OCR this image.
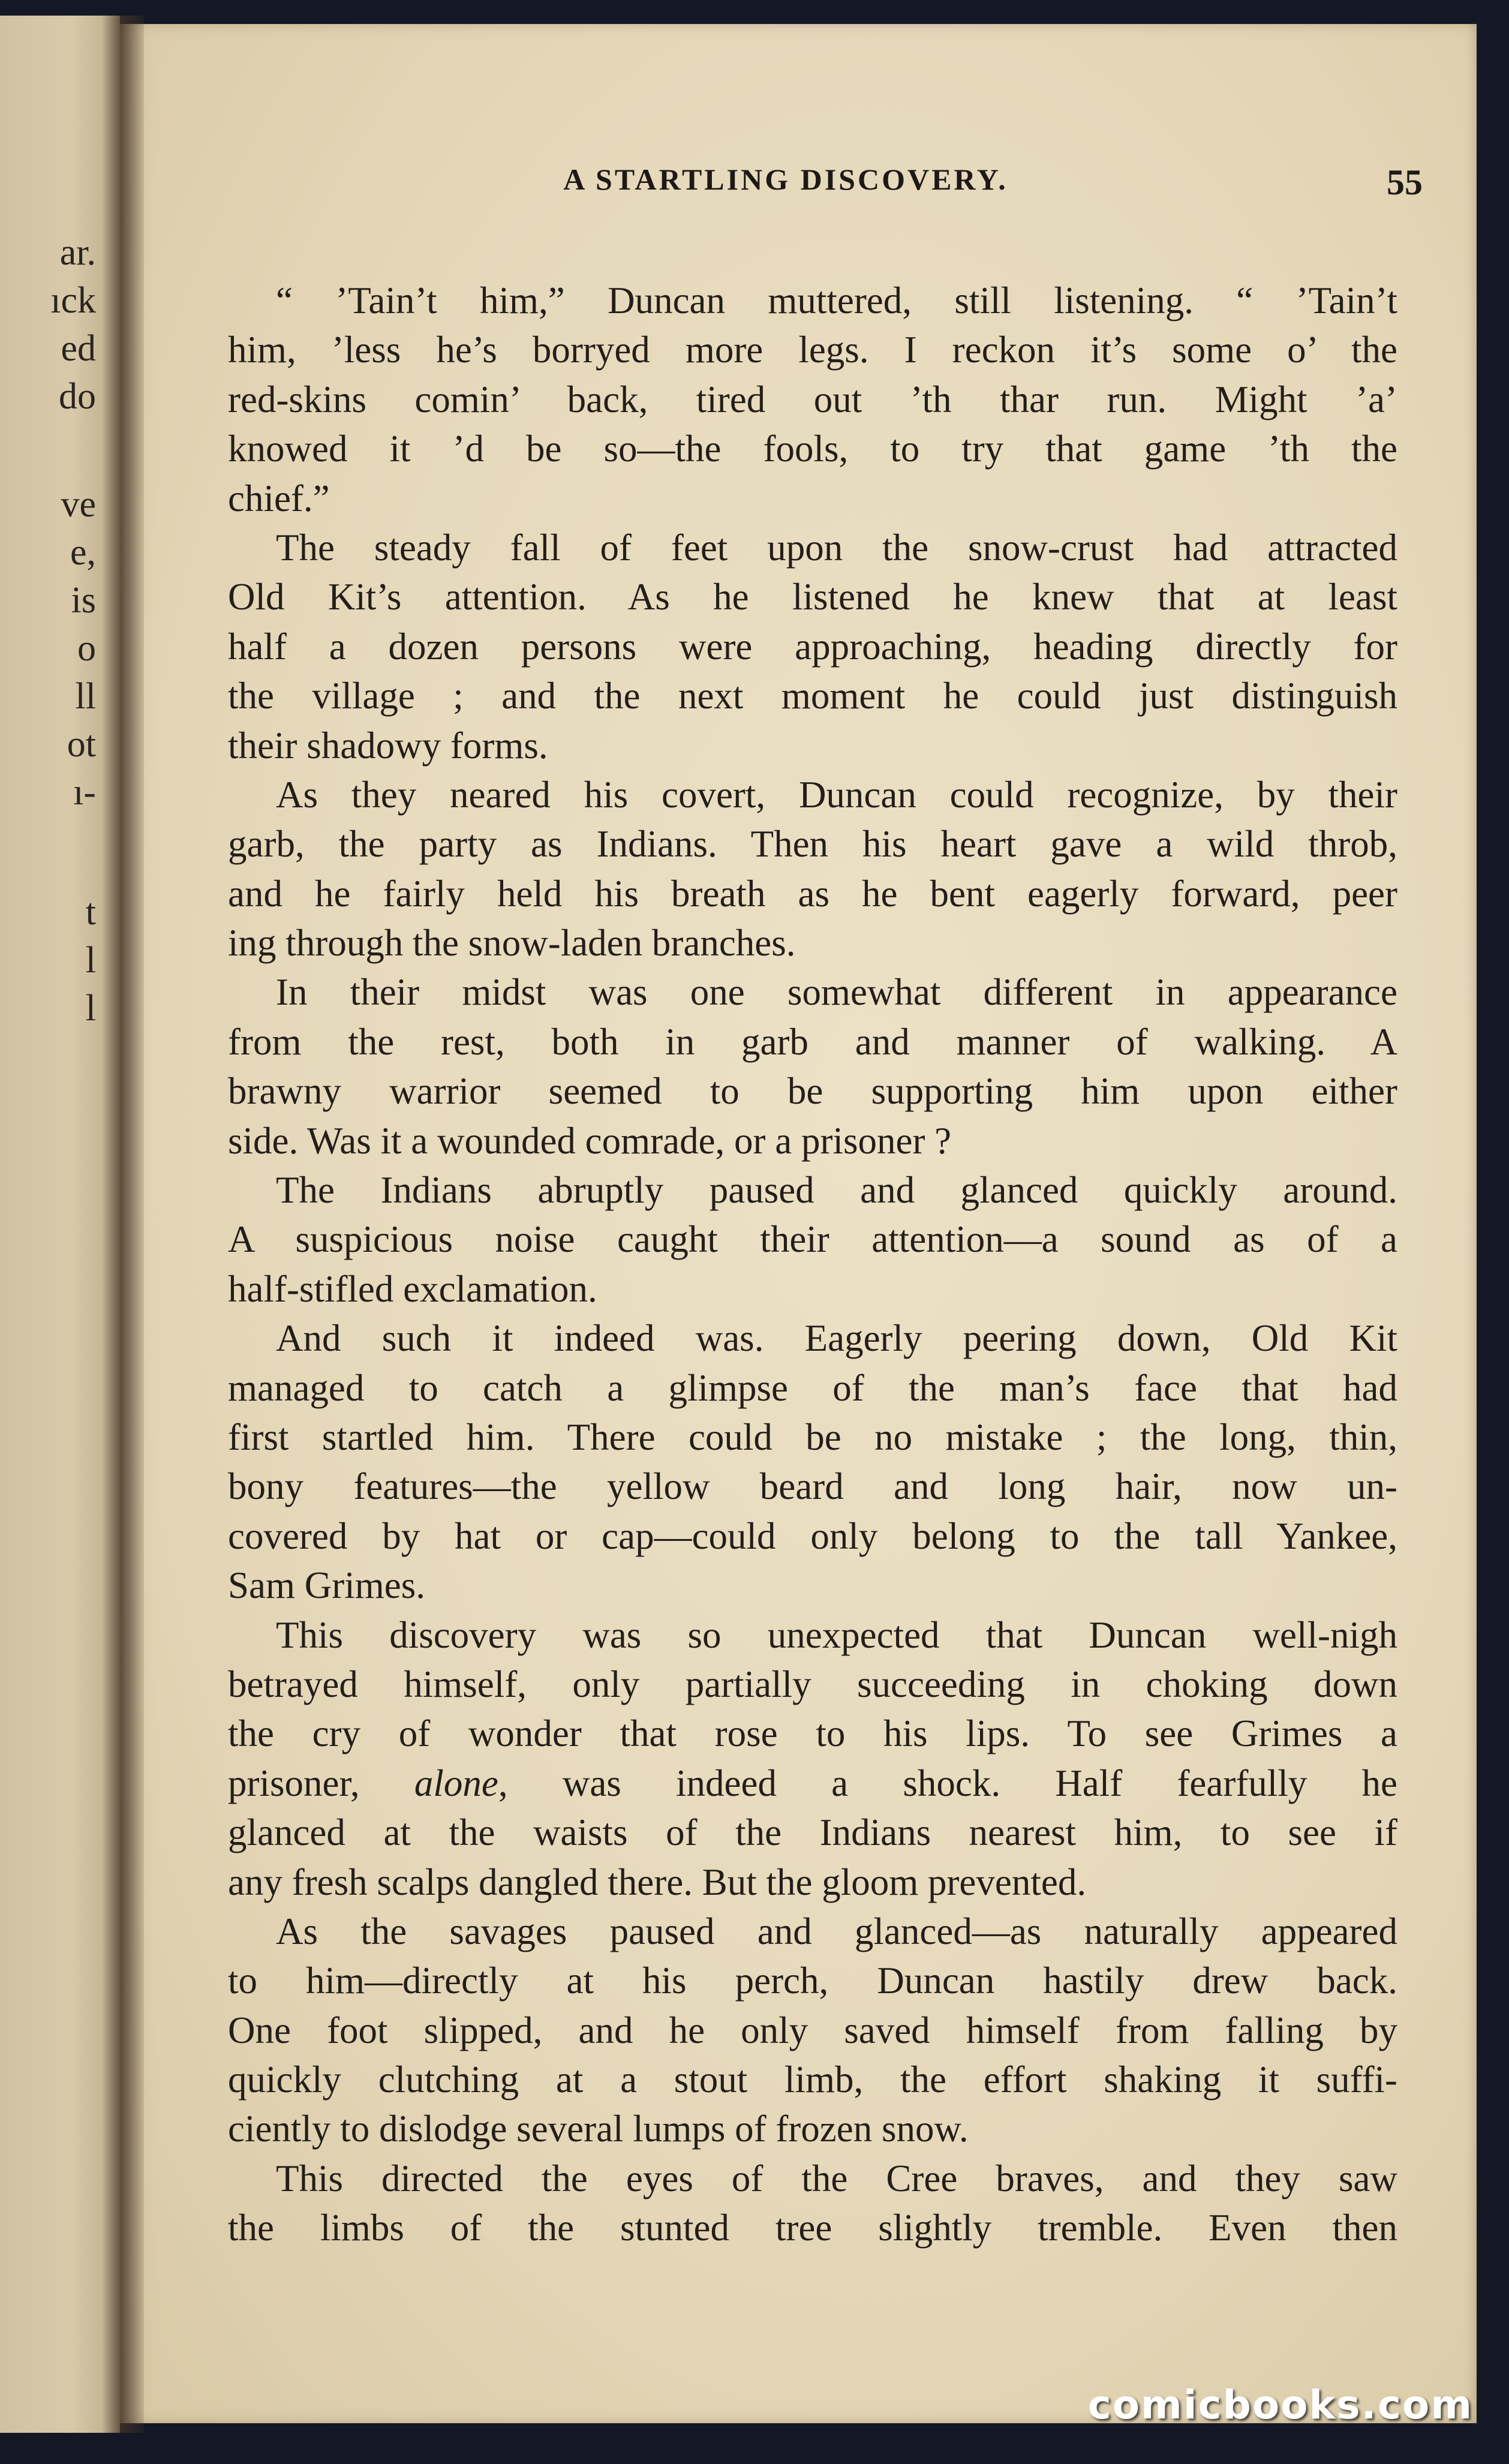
ar.
ıck
ed
do
ve
e,
is
o
ll
ot
ı-
t
l
l
A STARTLING DISCOVERY.	55
“ ’Tain’t him,” Duncan muttered, still listening. “ ’Tain’t
him, ’less he’s borryed more legs. I reckon it’s some o’ the
red-skins comin’ back, tired out ’th thar run. Might ’a’
knowed it ’d be so—the fools, to try that game ’th the
chief.”
The steady fall of feet upon the snow-crust had attracted
Old Kit’s attention. As he listened he knew that at least
half a dozen persons were approaching, heading directly for
the village ; and the next moment he could just distinguish
their shadowy forms.
As they neared his covert, Duncan could recognize, by their
garb, the party as Indians. Then his heart gave a wild throb,
and he fairly held his breath as he bent eagerly forward, peer
ing through the snow-laden branches.
In their midst was one somewhat different in appearance
from the rest, both in garb and manner of walking. A
brawny warrior seemed to be supporting him upon either
side. Was it a wounded comrade, or a prisoner ?
The Indians abruptly paused and glanced quickly around.
A suspicious noise caught their attention—a sound as of a
half-stifled exclamation.
And such it indeed was. Eagerly peering down, Old Kit
managed to catch a glimpse of the man’s face that had
first startled him. There could be no mistake ; the long, thin,
bony features—the yellow beard and long hair, now un-
covered by hat or cap—could only belong to the tall Yankee,
Sam Grimes.
This discovery was so unexpected that Duncan well-nigh
betrayed himself, only partially succeeding in choking down
the cry of wonder that rose to his lips. To see Grimes a
prisoner, alone, was indeed a shock. Half fearfully he
glanced at the waists of the Indians nearest him, to see if
any fresh scalps dangled there. But the gloom prevented.
As the savages paused and glanced—as naturally appeared
to him—directly at his perch, Duncan hastily drew back.
One foot slipped, and he only saved himself from falling by
quickly clutching at a stout limb, the effort shaking it suffi-
ciently to dislodge several lumps of frozen snow.
This directed the eyes of the Cree braves, and they saw
the limbs of the stunted tree slightly tremble. Even then
comicbooks.com
